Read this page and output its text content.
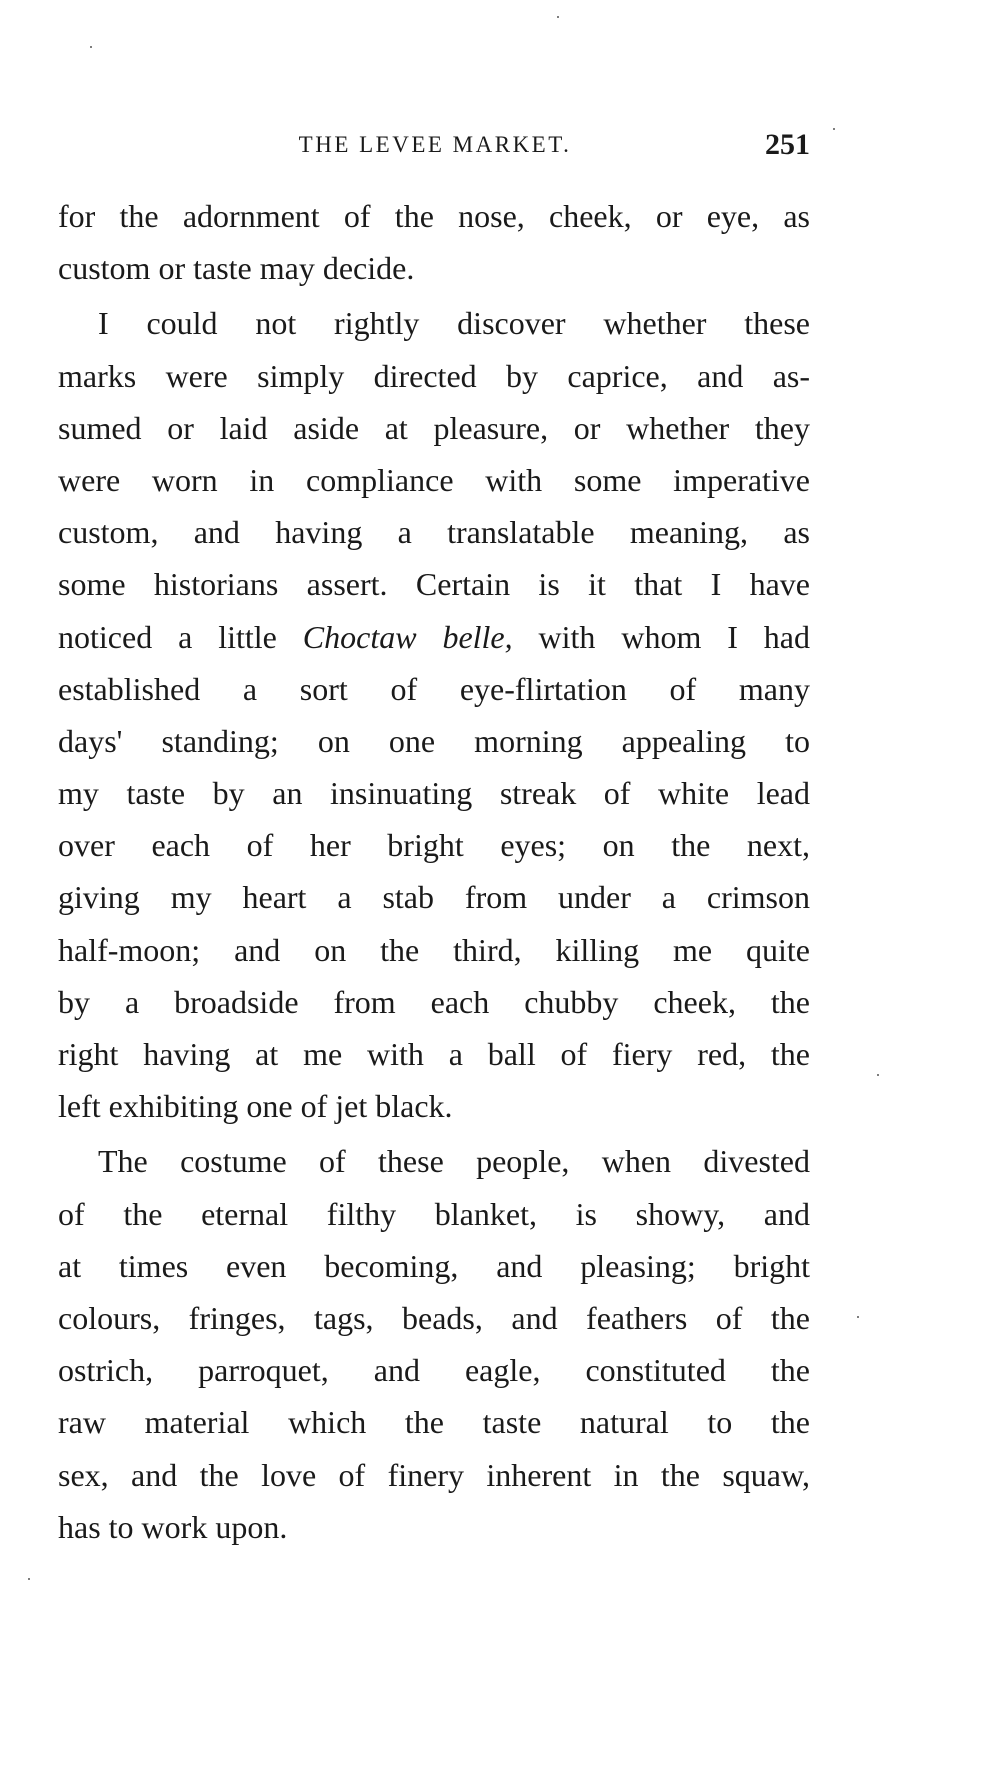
THE LEVEE MARKET.	251
for the adornment of the nose, cheek, or eye, as
custom or taste may decide.
I could not rightly discover whether these
marks were simply directed by caprice, and as-
sumed or laid aside at pleasure, or whether they
were worn in compliance with some imperative
custom, and having a translatable meaning, as
some historians assert. Certain is it that I have
noticed a little Choctaw belle, with whom I had
established a sort of eye-flirtation of many
days' standing; on one morning appealing to
my taste by an insinuating streak of white lead
over each of her bright eyes; on the next,
giving my heart a stab from under a crimson
half-moon; and on the third, killing me quite
by a broadside from each chubby cheek, the
right having at me with a ball of fiery red, the
left exhibiting one of jet black.
The costume of these people, when divested
of the eternal filthy blanket, is showy, and
at times even becoming, and pleasing; bright
colours, fringes, tags, beads, and feathers of the
ostrich, parroquet, and eagle, constituted the
raw material which the taste natural to the
sex, and the love of finery inherent in the squaw,
has to work upon.
